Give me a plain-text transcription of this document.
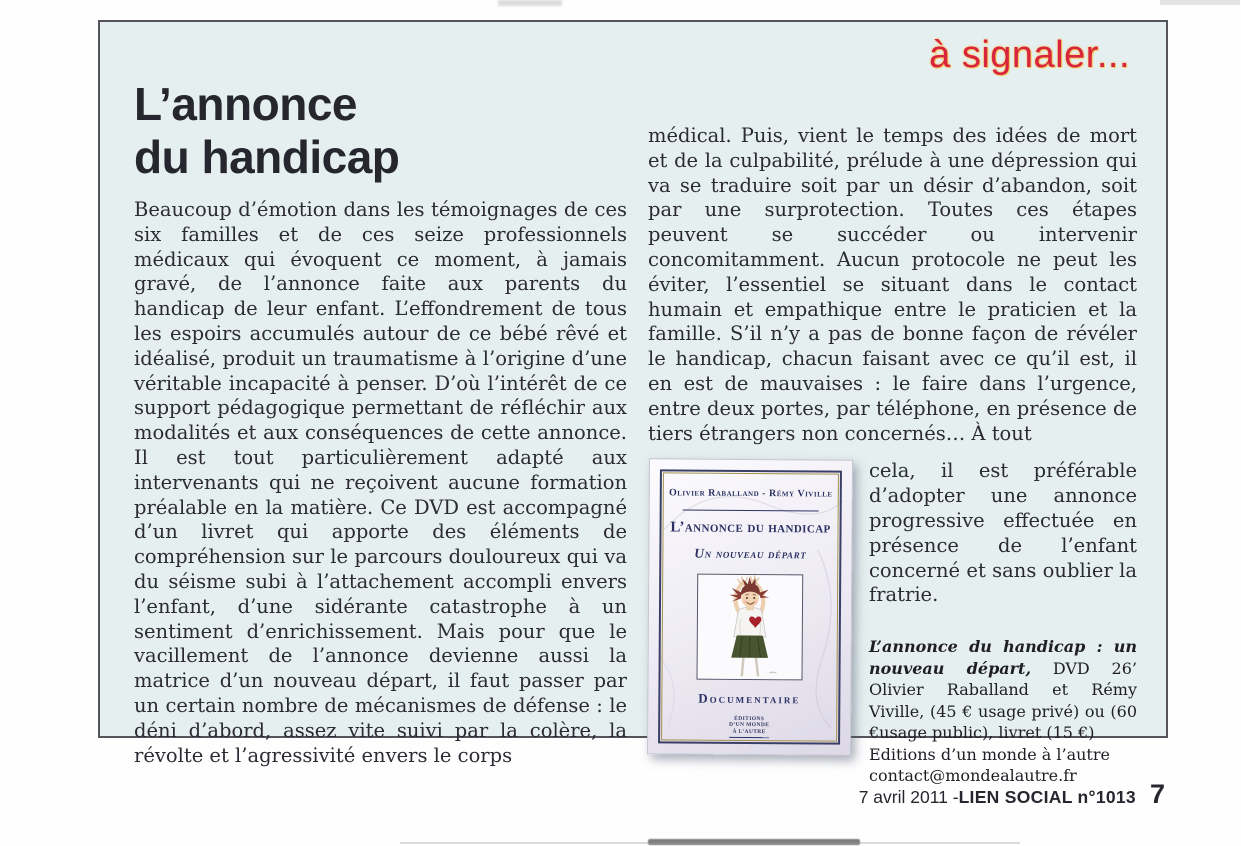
à signaler...
L’annonce
du handicap

Beaucoup d’émotion dans les témoignages de ces six familles et de ces seize professionnels médicaux qui évoquent ce moment, à jamais gravé, de l’annonce faite aux parents du handicap de leur enfant. L’effondrement de tous les espoirs accumulés autour de ce bébé rêvé et idéalisé, produit un traumatisme à l’origine d’une véritable incapacité à penser. D’où l’intérêt de ce support pédagogique permettant de réfléchir aux modalités et aux conséquences de cette annonce. Il est tout particulièrement adapté aux intervenants qui ne reçoivent aucune formation préalable en la matière. Ce DVD est accompagné d’un livret qui apporte des éléments de compréhension sur le parcours douloureux qui va du séisme subi à l’attachement accompli envers l’enfant, d’une sidérante catastrophe à un sentiment d’enrichissement. Mais pour que le vacillement de l’annonce devienne aussi la matrice d’un nouveau départ, il faut passer par un certain nombre de mécanismes de défense : le déni d’abord, assez vite suivi par la colère, la révolte et l’agressivité envers le corps

médical. Puis, vient le temps des idées de mort et de la culpabilité, prélude à une dépression qui va se traduire soit par un désir d’abandon, soit par une surprotection. Toutes ces étapes peuvent se succéder ou intervenir concomitamment. Aucun protocole ne peut les éviter, l’essentiel se situant dans le contact humain et empathique entre le praticien et la famille. S’il n’y a pas de bonne façon de révéler le handicap, chacun faisant avec ce qu’il est, il en est de mauvaises : le faire dans l’urgence, entre deux portes, par téléphone, en présence de tiers étrangers non concernés… À tout

Olivier Raballand - Rémy Viville
L’annonce du handicap
Un nouveau départ
Documentaire
ÉDITIONS
D’UN MONDE
À L’AUTRE

cela, il est préférable d’adopter une annonce progressive effectuée en présence de l’enfant concerné et sans oublier la fratrie.

L’annonce du handicap : un nouveau départ, DVD 26’ Olivier Raballand et Rémy Viville, (45 € usage privé) ou (60 €usage public), livret (15 €)

Editions d’un monde à l’autre
contact@mondealautre.fr
7 avril 2011 - LIEN SOCIAL n°1013 7
